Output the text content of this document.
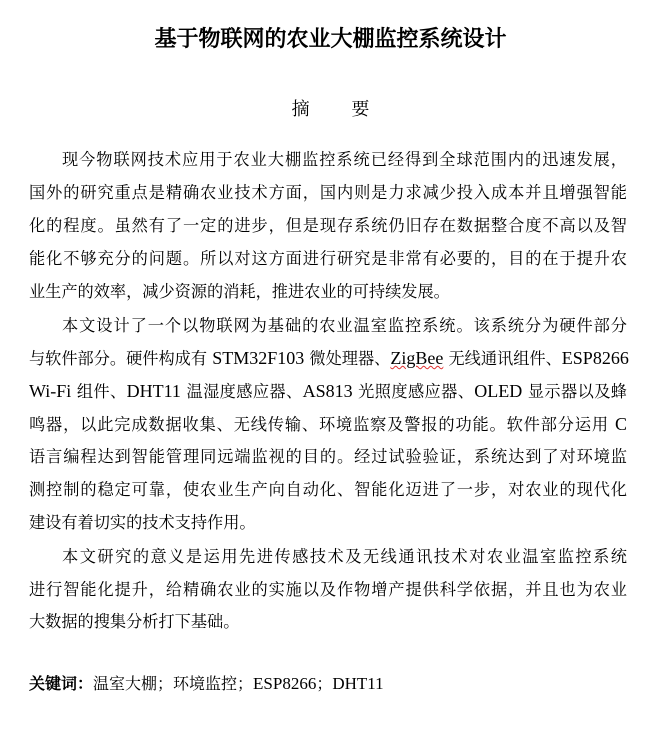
基于物联网的农业大棚监控系统设计
摘 要
现今物联网技术应用于农业大棚监控系统已经得到全球范围内的迅速发展，
国外的研究重点是精确农业技术方面，国内则是力求减少投入成本并且增强智能
化的程度。虽然有了一定的进步，但是现存系统仍旧存在数据整合度不高以及智
能化不够充分的问题。所以对这方面进行研究是非常有必要的，目的在于提升农
业生产的效率，减少资源的消耗，推进农业的可持续发展。
本文设计了一个以物联网为基础的农业温室监控系统。该系统分为硬件部分
与软件部分。硬件构成有 STM32F103 微处理器、ZigBee 无线通讯组件、ESP8266
Wi-Fi 组件、DHT11 温湿度感应器、AS813 光照度感应器、OLED 显示器以及蜂
鸣器，以此完成数据收集、无线传输、环境监察及警报的功能。软件部分运用 C
语言编程达到智能管理同远端监视的目的。经过试验验证，系统达到了对环境监
测控制的稳定可靠，使农业生产向自动化、智能化迈进了一步，对农业的现代化
建设有着切实的技术支持作用。
本文研究的意义是运用先进传感技术及无线通讯技术对农业温室监控系统
进行智能化提升，给精确农业的实施以及作物增产提供科学依据，并且也为农业
大数据的搜集分析打下基础。
关键词：温室大棚；环境监控；ESP8266；DHT11
